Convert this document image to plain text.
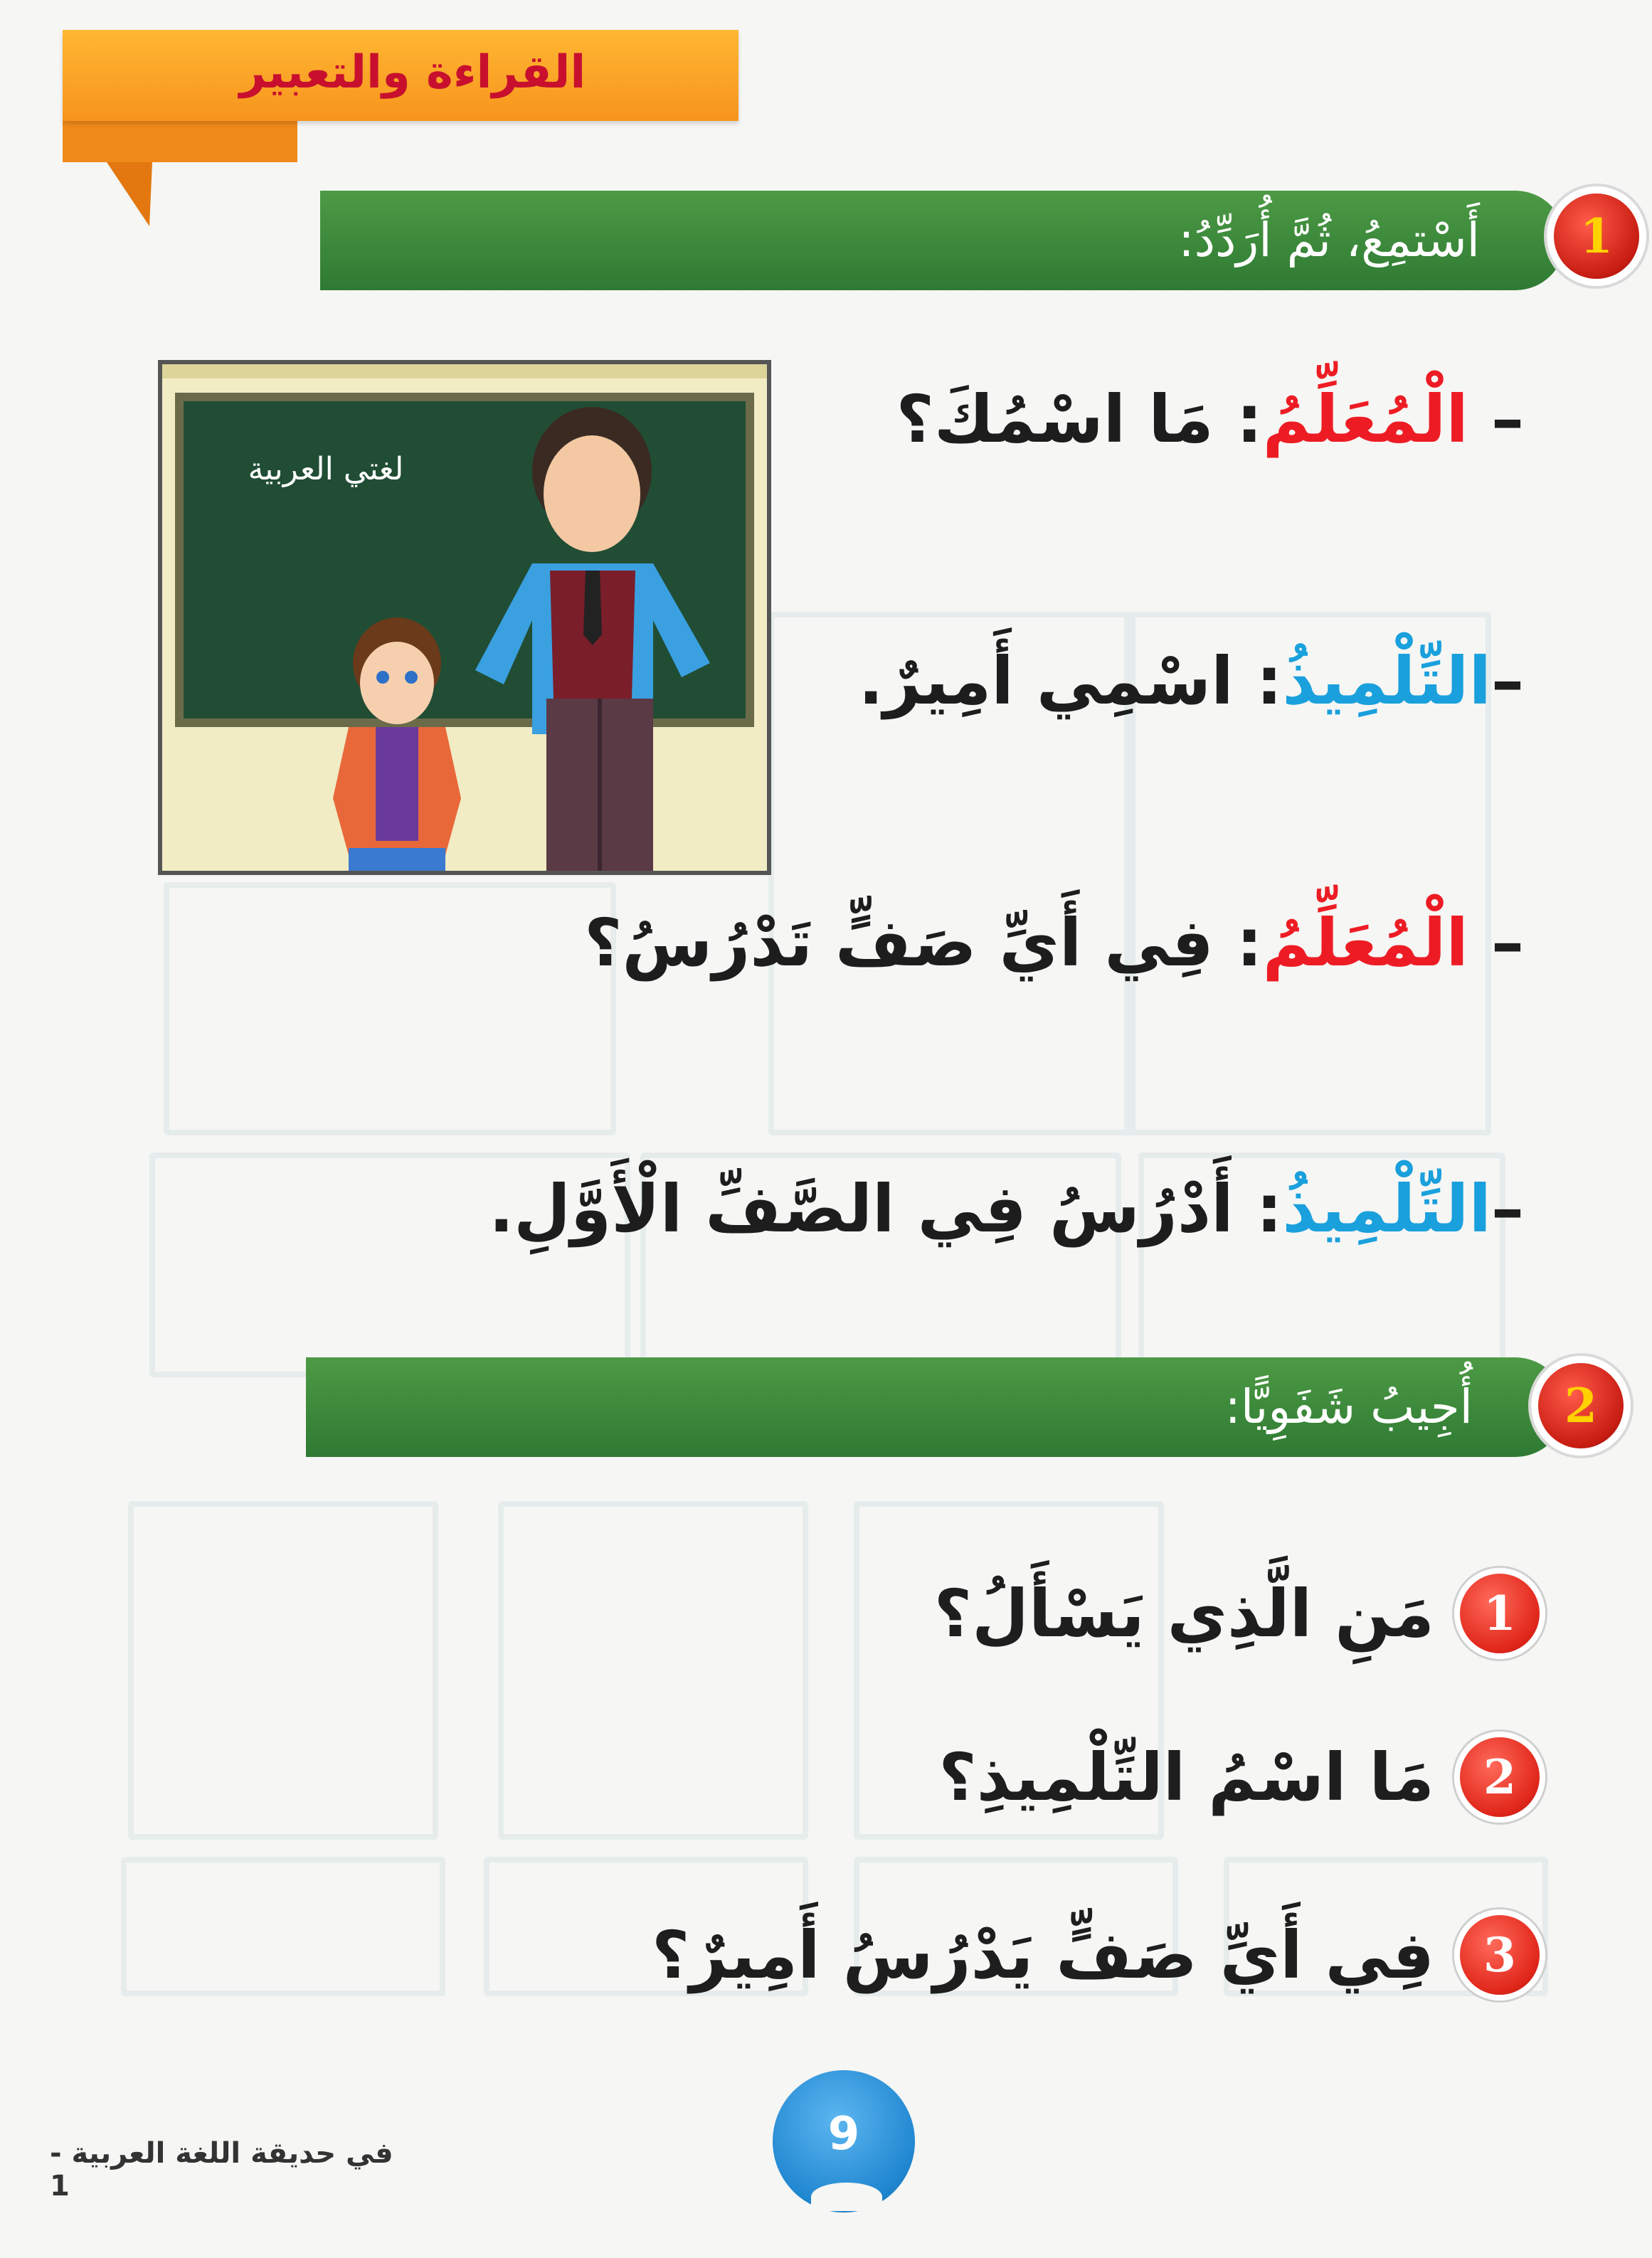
القراءة والتعبير
أَسْتمِعُ، ثُمَّ أُرَدِّدُ:	1
لغتي العربية
– الْمُعَلِّمُ: مَا اسْمُكَ؟
–التِّلْمِيذُ: اسْمِي أَمِيرٌ.
– الْمُعَلِّمُ: فِي أَيِّ صَفٍّ تَدْرُسُ؟
–التِّلْمِيذُ: أَدْرُسُ فِي الصَّفِّ الْأَوَّلِ.
أُجِيبُ شَفَوِيًّا:	2
1
مَنِ الَّذِي يَسْأَلُ؟
2
مَا اسْمُ التِّلْمِيذِ؟
3
فِي أَيِّ صَفٍّ يَدْرُسُ أَمِيرٌ؟
9
في حديقة اللغة العربية - 1
